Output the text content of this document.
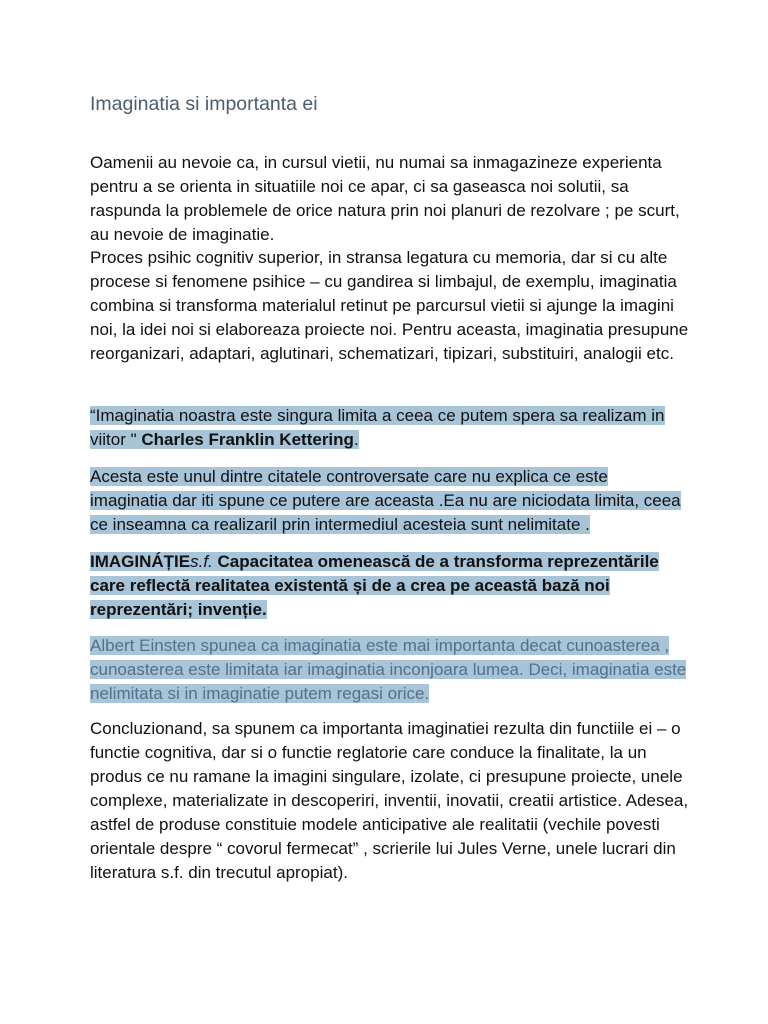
Imaginatia si importanta ei

Oamenii au nevoie ca, in cursul vietii, nu numai sa inmagazineze experienta pentru a se orienta in situatiile noi ce apar, ci sa gaseasca noi solutii, sa raspunda la problemele de orice natura prin noi planuri de rezolvare ; pe scurt, au nevoie de imaginatie.

Proces psihic cognitiv superior, in stransa legatura cu memoria, dar si cu alte procese si fenomene psihice – cu gandirea si limbajul, de exemplu, imaginatia combina si transforma materialul retinut pe parcursul vietii si ajunge la imagini noi, la idei noi si elaboreaza proiecte noi. Pentru aceasta, imaginatia presupune reorganizari, adaptari, aglutinari, schematizari, tipizari, substituiri, analogii etc.

“Imaginatia noastra este singura limita a ceea ce putem spera sa realizam in viitor " Charles Franklin Kettering.

Acesta este unul dintre citatele controversate care nu explica ce este imaginatia dar iti spune ce putere are aceasta .Ea nu are niciodata limita, ceea ce inseamna ca realizaril prin intermediul acesteia sunt nelimitate .

IMAGINÁȚIEs.f. Capacitatea omenească de a transforma reprezentările care reflectă realitatea existentă și de a crea pe această bază noi reprezentări; invenție.

Albert Einsten spunea ca imaginatia este mai importanta decat cunoasterea , cunoasterea este limitata iar imaginatia inconjoara lumea. Deci, imaginatia este nelimitata si in imaginatie putem regasi orice.

Concluzionand, sa spunem ca importanta imaginatiei rezulta din functiile ei – o functie cognitiva, dar si o functie reglatorie care conduce la finalitate, la un produs ce nu ramane la imagini singulare, izolate, ci presupune proiecte, unele complexe, materializate in descoperiri, inventii, inovatii, creatii artistice. Adesea, astfel de produse constituie modele anticipative ale realitatii (vechile povesti orientale despre “ covorul fermecat” , scrierile lui Jules Verne, unele lucrari din literatura s.f. din trecutul apropiat).
